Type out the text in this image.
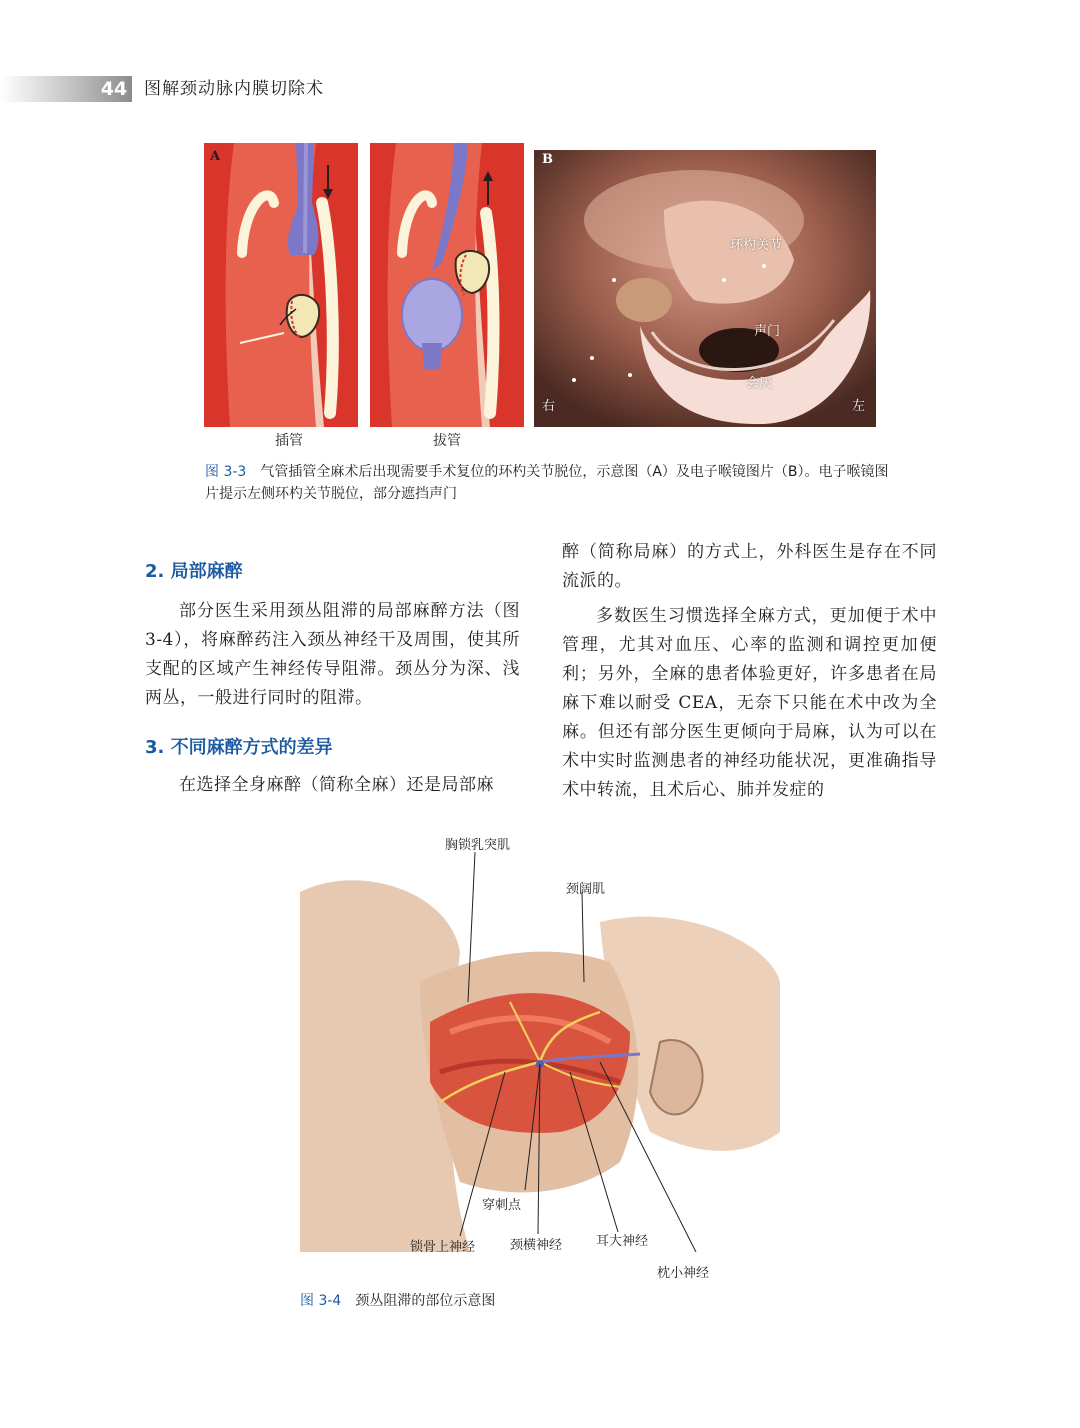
44 图解颈动脉内膜切除术
A	B
环杓关节
声门
会厌
右	左
插管	拔管
图 3-3 气管插管全麻术后出现需要手术复位的环杓关节脱位，示意图（A）及电子喉镜图片（B）。电子喉镜图片提示左侧环杓关节脱位，部分遮挡声门
2. 局部麻醉

部分医生采用颈丛阻滞的局部麻醉方法（图 3-4），将麻醉药注入颈丛神经干及周围，使其所支配的区域产生神经传导阻滞。颈丛分为深、浅两丛，一般进行同时的阻滞。

3. 不同麻醉方式的差异

在选择全身麻醉（简称全麻）还是局部麻

醉（简称局麻）的方式上，外科医生是存在不同流派的。

多数医生习惯选择全麻方式，更加便于术中管理，尤其对血压、心率的监测和调控更加便利；另外，全麻的患者体验更好，许多患者在局麻下难以耐受 CEA，无奈下只能在术中改为全麻。但还有部分医生更倾向于局麻，认为可以在术中实时监测患者的神经功能状况，更准确指导术中转流，且术后心、肺并发症的

胸锁乳突肌
颈阔肌
穿刺点
锁骨上神经	颈横神经	耳大神经
枕小神经
图 3-4 颈丛阻滞的部位示意图
